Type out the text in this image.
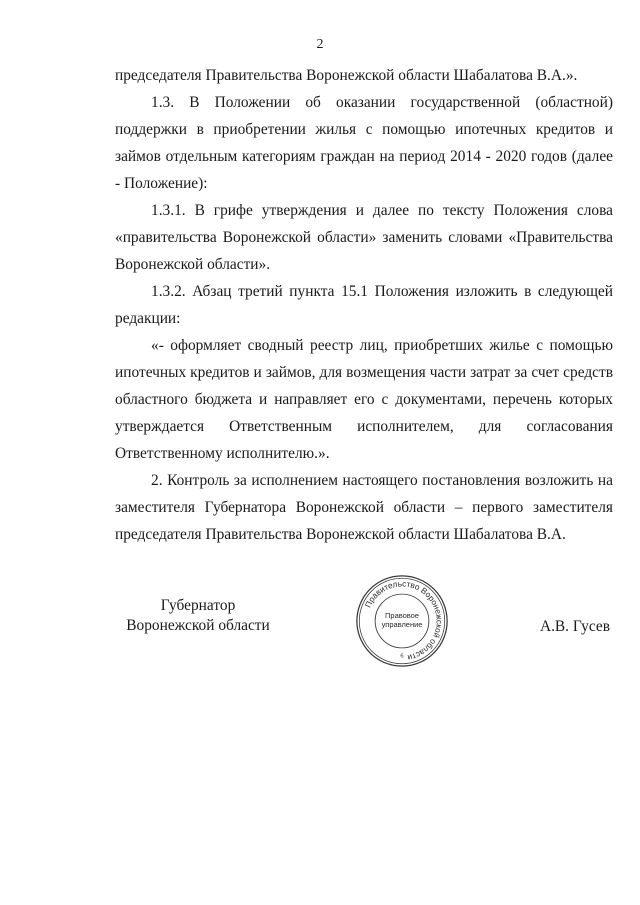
2

председателя Правительства Воронежской области Шабалатова В.А.».

1.3. В Положении об оказании государственной (областной) поддержки в приобретении жилья с помощью ипотечных кредитов и займов отдельным категориям граждан на период 2014 - 2020 годов (далее - Положение):

1.3.1. В грифе утверждения и далее по тексту Положения слова «правительства Воронежской области» заменить словами «Правительства Воронежской области».

1.3.2. Абзац третий пункта 15.1 Положения изложить в следующей редакции:

«- оформляет сводный реестр лиц, приобретших жилье с помощью ипотечных кредитов и займов, для возмещения части затрат за счет средств областного бюджета и направляет его с документами, перечень которых утверждается Ответственным исполнителем, для согласования Ответственному исполнителю.».

2. Контроль за исполнением настоящего постановления возложить на заместителя Губернатора Воронежской области – первого заместителя председателя Правительства Воронежской области Шабалатова В.А.

Губернатор
Воронежской области
Правительство Воронежской области
Правовое
управление
6
А.В. Гусев
